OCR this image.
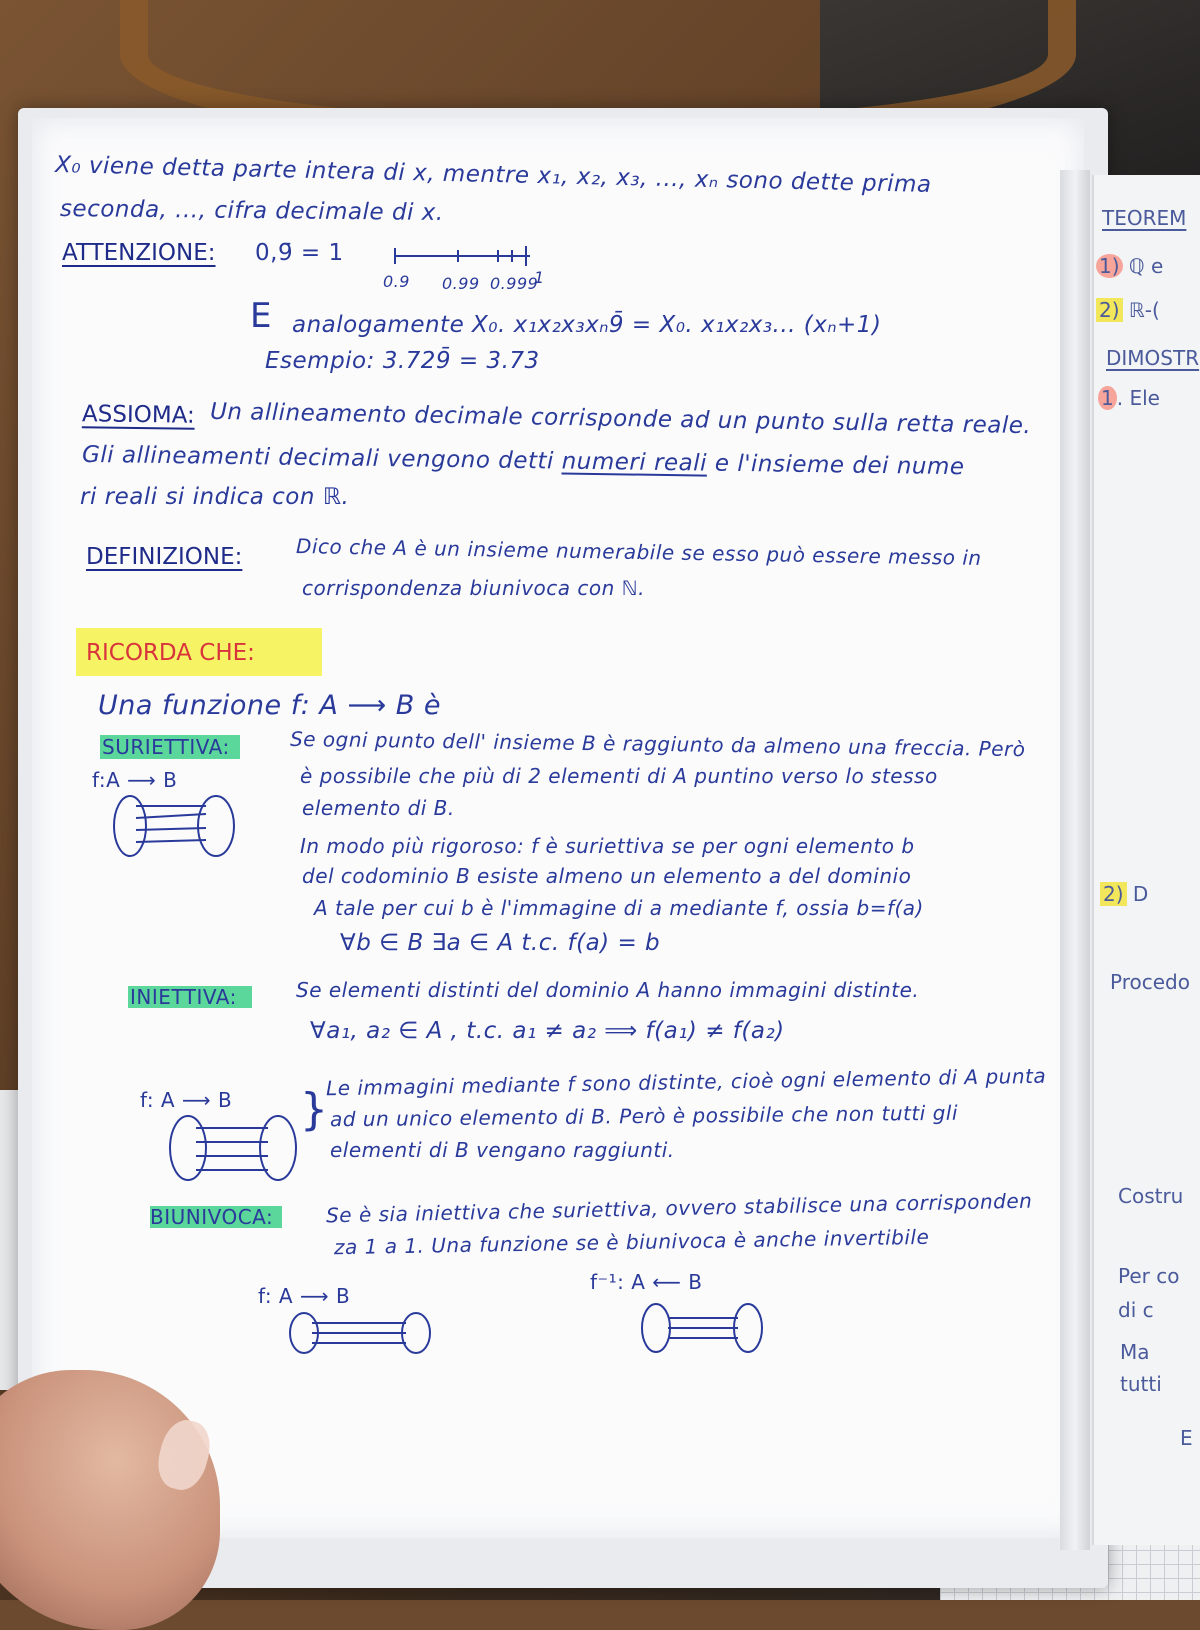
X₀ viene detta parte intera di x, mentre x₁, x₂, x₃, ..., xₙ sono dette prima
seconda, ..., cifra decimale di x.
ATTENZIONE: 0,9̄ = 1
0.9 0.99 0.999
1
E analogamente X₀. x₁x₂x₃xₙ9̄ = X₀. x₁x₂x₃... (xₙ+1)
Esempio: 3.729̄ = 3.73
ASSIOMA: Un allineamento decimale corrisponde ad un punto sulla retta reale.
Gli allineamenti decimali vengono detti numeri reali e l'insieme dei nume
ri reali si indica con ℝ.
DEFINIZIONE:	Dico che A è un insieme numerabile se esso può essere messo in
corrispondenza biunivoca con ℕ.
RICORDA CHE:
Una funzione f: A ⟶ B è
SURIETTIVA:
f:A ⟶ B
Se ogni punto dell' insieme B è raggiunto da almeno una freccia. Però
è possibile che più di 2 elementi di A puntino verso lo stesso
elemento di B.
In modo più rigoroso: f è suriettiva se per ogni elemento b
del codominio B esiste almeno un elemento a del dominio
A tale per cui b è l'immagine di a mediante f, ossia b=f(a)
∀b ∈ B ∃a ∈ A t.c. f(a) = b
INIETTIVA:	Se elementi distinti del dominio A hanno immagini distinte.
∀a₁, a₂ ∈ A , t.c. a₁ ≠ a₂ ⟹ f(a₁) ≠ f(a₂)
f: A ⟶ B }
Le immagini mediante f sono distinte, cioè ogni elemento di A punta
ad un unico elemento di B. Però è possibile che non tutti gli
elementi di B vengano raggiunti.
BIUNIVOCA:	Se è sia iniettiva che suriettiva, ovvero stabilisce una corrisponden
za 1 a 1. Una funzione se è biunivoca è anche invertibile
f: A ⟶ B
f⁻¹: A ⟵ B
TEOREM
1) ℚ e
2) ℝ-(
DIMOSTR
1 . Ele
2) D
Procedo
Costru
Per co
di c
Ma
tutti
E
